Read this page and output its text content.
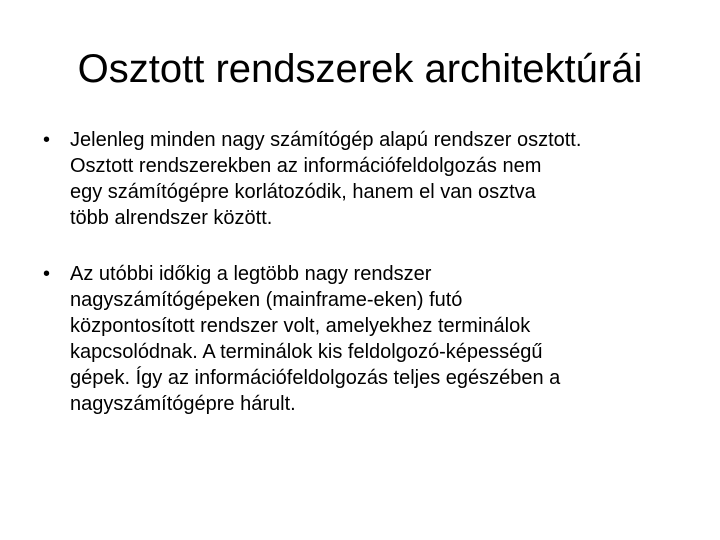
Osztott rendszerek architektúrái
• Jelenleg minden nagy számítógép alapú rendszer osztott.
Osztott rendszerekben az információfeldolgozás nem
egy számítógépre korlátozódik, hanem el van osztva
több alrendszer között.
• Az utóbbi időkig a legtöbb nagy rendszer
nagyszámítógépeken (mainframe-eken) futó
központosított rendszer volt, amelyekhez terminálok
kapcsolódnak. A terminálok kis feldolgozó-képességű
gépek. Így az információfeldolgozás teljes egészében a
nagyszámítógépre hárult.
